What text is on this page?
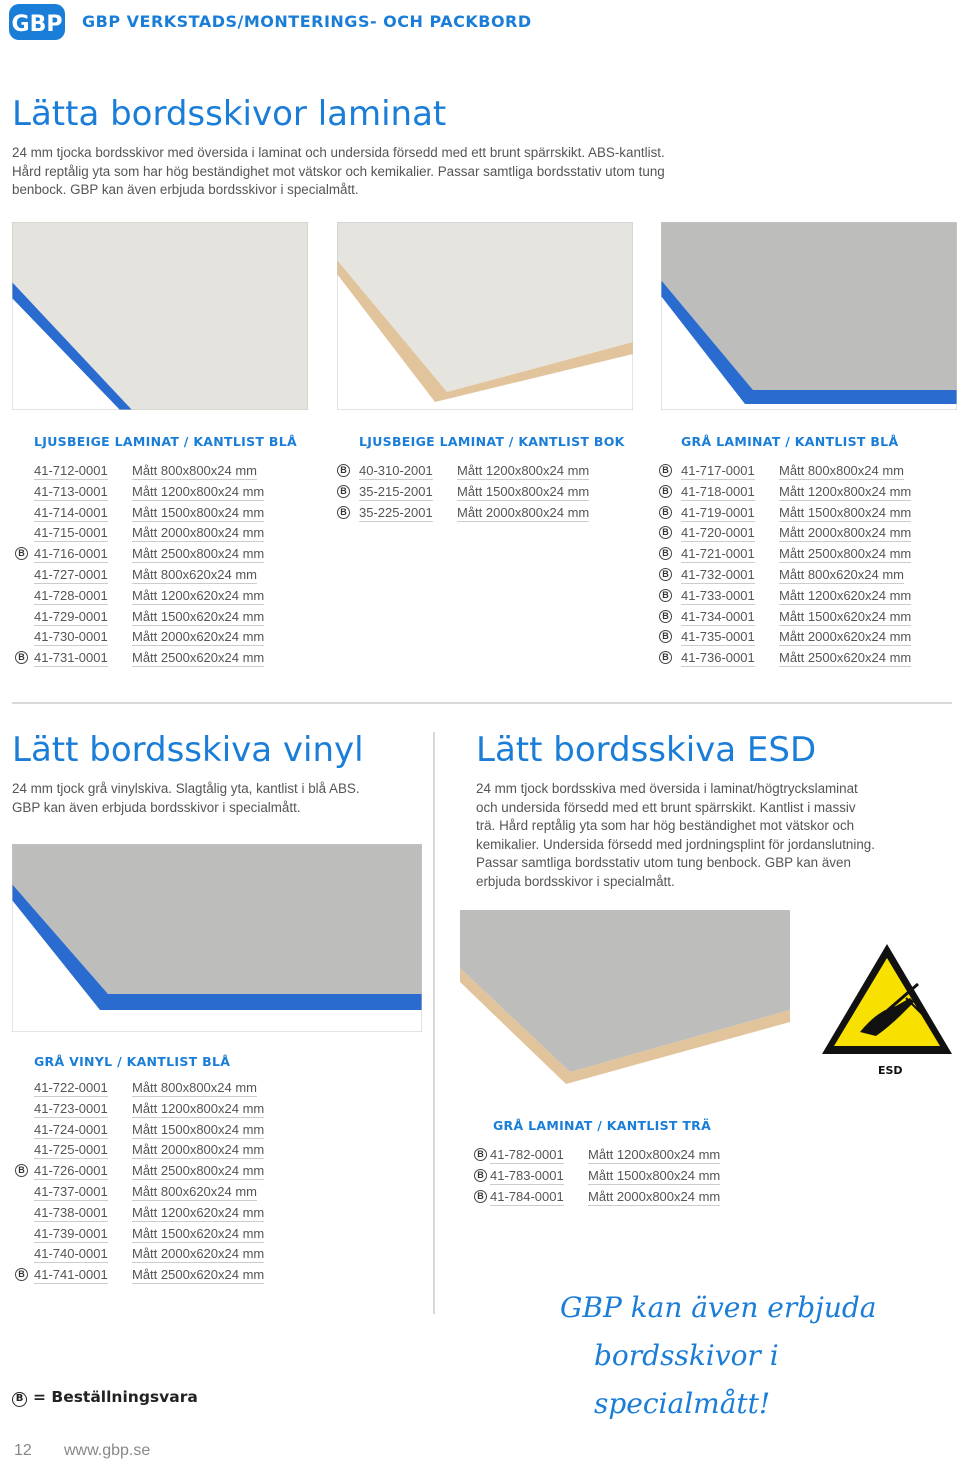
GBP GBP VERKSTADS/MONTERINGS- OCH PACKBORD
Lätta bordsskivor laminat
24 mm tjocka bordsskivor med översida i laminat och undersida försedd med ett brunt spärrskikt. ABS-kantlist.
Hård reptålig yta som har hög beständighet mot vätskor och kemikalier. Passar samtliga bordsstativ utom tung
benbock. GBP kan även erbjuda bordsskivor i specialmått.
LJUSBEIGE LAMINAT / KANTLIST BLÅ	LJUSBEIGE LAMINAT / KANTLIST BOK	GRÅ LAMINAT / KANTLIST BLÅ
41-712-0001 Mått 800x800x24 mm
41-713-0001 Mått 1200x800x24 mm
41-714-0001 Mått 1500x800x24 mm
41-715-0001 Mått 2000x800x24 mm
B 41-716-0001 Mått 2500x800x24 mm
41-727-0001 Mått 800x620x24 mm
41-728-0001 Mått 1200x620x24 mm
41-729-0001 Mått 1500x620x24 mm
41-730-0001 Mått 2000x620x24 mm
B 41-731-0001 Mått 2500x620x24 mm
B 40-310-2001 Mått 1200x800x24 mm
B 35-215-2001 Mått 1500x800x24 mm
B 35-225-2001 Mått 2000x800x24 mm
B 41-717-0001 Mått 800x800x24 mm
B 41-718-0001 Mått 1200x800x24 mm
B 41-719-0001 Mått 1500x800x24 mm
B 41-720-0001 Mått 2000x800x24 mm
B 41-721-0001 Mått 2500x800x24 mm
B 41-732-0001 Mått 800x620x24 mm
B 41-733-0001 Mått 1200x620x24 mm
B 41-734-0001 Mått 1500x620x24 mm
B 41-735-0001 Mått 2000x620x24 mm
B 41-736-0001 Mått 2500x620x24 mm
Lätt bordsskiva vinyl
24 mm tjock grå vinylskiva. Slagtålig yta, kantlist i blå ABS.
GBP kan även erbjuda bordsskivor i specialmått.
GRÅ VINYL / KANTLIST BLÅ
41-722-0001 Mått 800x800x24 mm
41-723-0001 Mått 1200x800x24 mm
41-724-0001 Mått 1500x800x24 mm
41-725-0001 Mått 2000x800x24 mm
B 41-726-0001 Mått 2500x800x24 mm
41-737-0001 Mått 800x620x24 mm
41-738-0001 Mått 1200x620x24 mm
41-739-0001 Mått 1500x620x24 mm
41-740-0001 Mått 2000x620x24 mm
B 41-741-0001 Mått 2500x620x24 mm
Lätt bordsskiva ESD
24 mm tjock bordsskiva med översida i laminat/högtryckslaminat
och undersida försedd med ett brunt spärrskikt. Kantlist i massiv
trä. Hård reptålig yta som har hög beständighet mot vätskor och
kemikalier. Undersida försedd med jordningsplint för jordanslutning.
Passar samtliga bordsstativ utom tung benbock. GBP kan även
erbjuda bordsskivor i specialmått.
ESD
GRÅ LAMINAT / KANTLIST TRÄ
B 41-782-0001 Mått 1200x800x24 mm
B 41-783-0001 Mått 1500x800x24 mm
B 41-784-0001 Mått 2000x800x24 mm
GBP kan även erbjuda
bordsskivor i specialmått!
B = Beställningsvara
12 www.gbp.se
